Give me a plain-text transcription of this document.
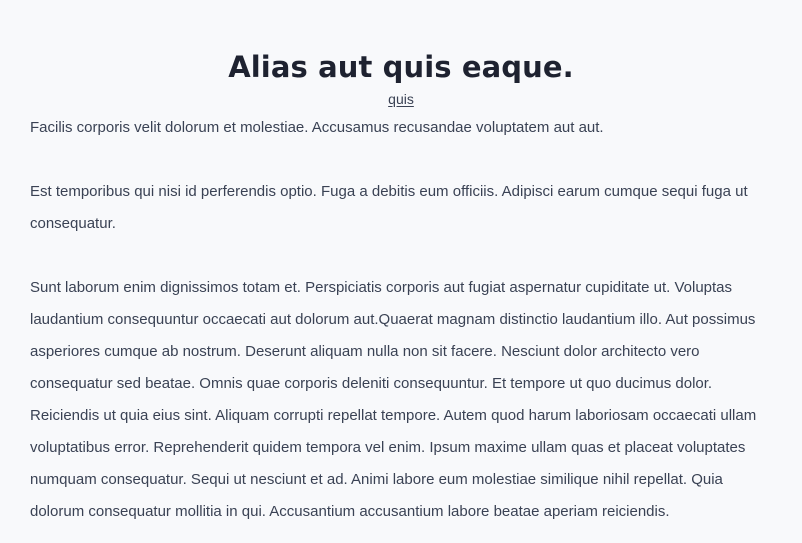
Alias aut quis eaque.
quis
Facilis corporis velit dolorum et molestiae. Accusamus recusandae voluptatem aut aut.
Est temporibus qui nisi id perferendis optio. Fuga a debitis eum officiis. Adipisci earum cumque sequi fuga ut
consequatur.
Sunt laborum enim dignissimos totam et. Perspiciatis corporis aut fugiat aspernatur cupiditate ut. Voluptas
laudantium consequuntur occaecati aut dolorum aut.Quaerat magnam distinctio laudantium illo. Aut possimus
asperiores cumque ab nostrum. Deserunt aliquam nulla non sit facere. Nesciunt dolor architecto vero
consequatur sed beatae. Omnis quae corporis deleniti consequuntur. Et tempore ut quo ducimus dolor.
Reiciendis ut quia eius sint. Aliquam corrupti repellat tempore. Autem quod harum laboriosam occaecati ullam
voluptatibus error. Reprehenderit quidem tempora vel enim. Ipsum maxime ullam quas et placeat voluptates
numquam consequatur. Sequi ut nesciunt et ad. Animi labore eum molestiae similique nihil repellat. Quia
dolorum consequatur mollitia in qui. Accusantium accusantium labore beatae aperiam reiciendis.
